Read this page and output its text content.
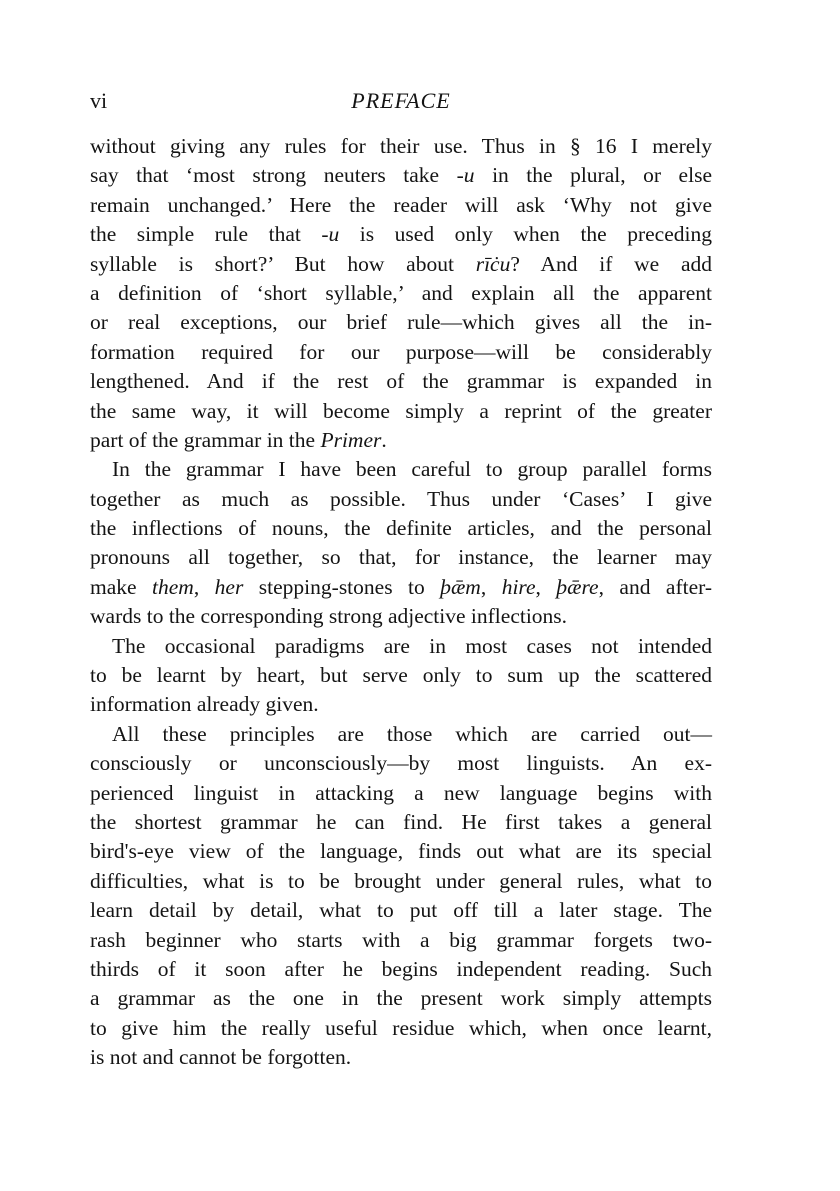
vi	PREFACE
without giving any rules for their use. Thus in § 16 I merely
say that ‘most strong neuters take -u in the plural, or else
remain unchanged.’ Here the reader will ask ‘Why not give
the simple rule that -u is used only when the preceding
syllable is short?’ But how about rīċu? And if we add
a definition of ‘short syllable,’ and explain all the apparent
or real exceptions, our brief rule—which gives all the in-
formation required for our purpose—will be considerably
lengthened. And if the rest of the grammar is expanded in
the same way, it will become simply a reprint of the greater
part of the grammar in the Primer.
In the grammar I have been careful to group parallel forms
together as much as possible. Thus under ‘Cases’ I give
the inflections of nouns, the definite articles, and the personal
pronouns all together, so that, for instance, the learner may
make them, her stepping-stones to þǣm, hire, þǣre, and after-
wards to the corresponding strong adjective inflections.
The occasional paradigms are in most cases not intended
to be learnt by heart, but serve only to sum up the scattered
information already given.
All these principles are those which are carried out—
consciously or unconsciously—by most linguists. An ex-
perienced linguist in attacking a new language begins with
the shortest grammar he can find. He first takes a general
bird's-eye view of the language, finds out what are its special
difficulties, what is to be brought under general rules, what to
learn detail by detail, what to put off till a later stage. The
rash beginner who starts with a big grammar forgets two-
thirds of it soon after he begins independent reading. Such
a grammar as the one in the present work simply attempts
to give him the really useful residue which, when once learnt,
is not and cannot be forgotten.
